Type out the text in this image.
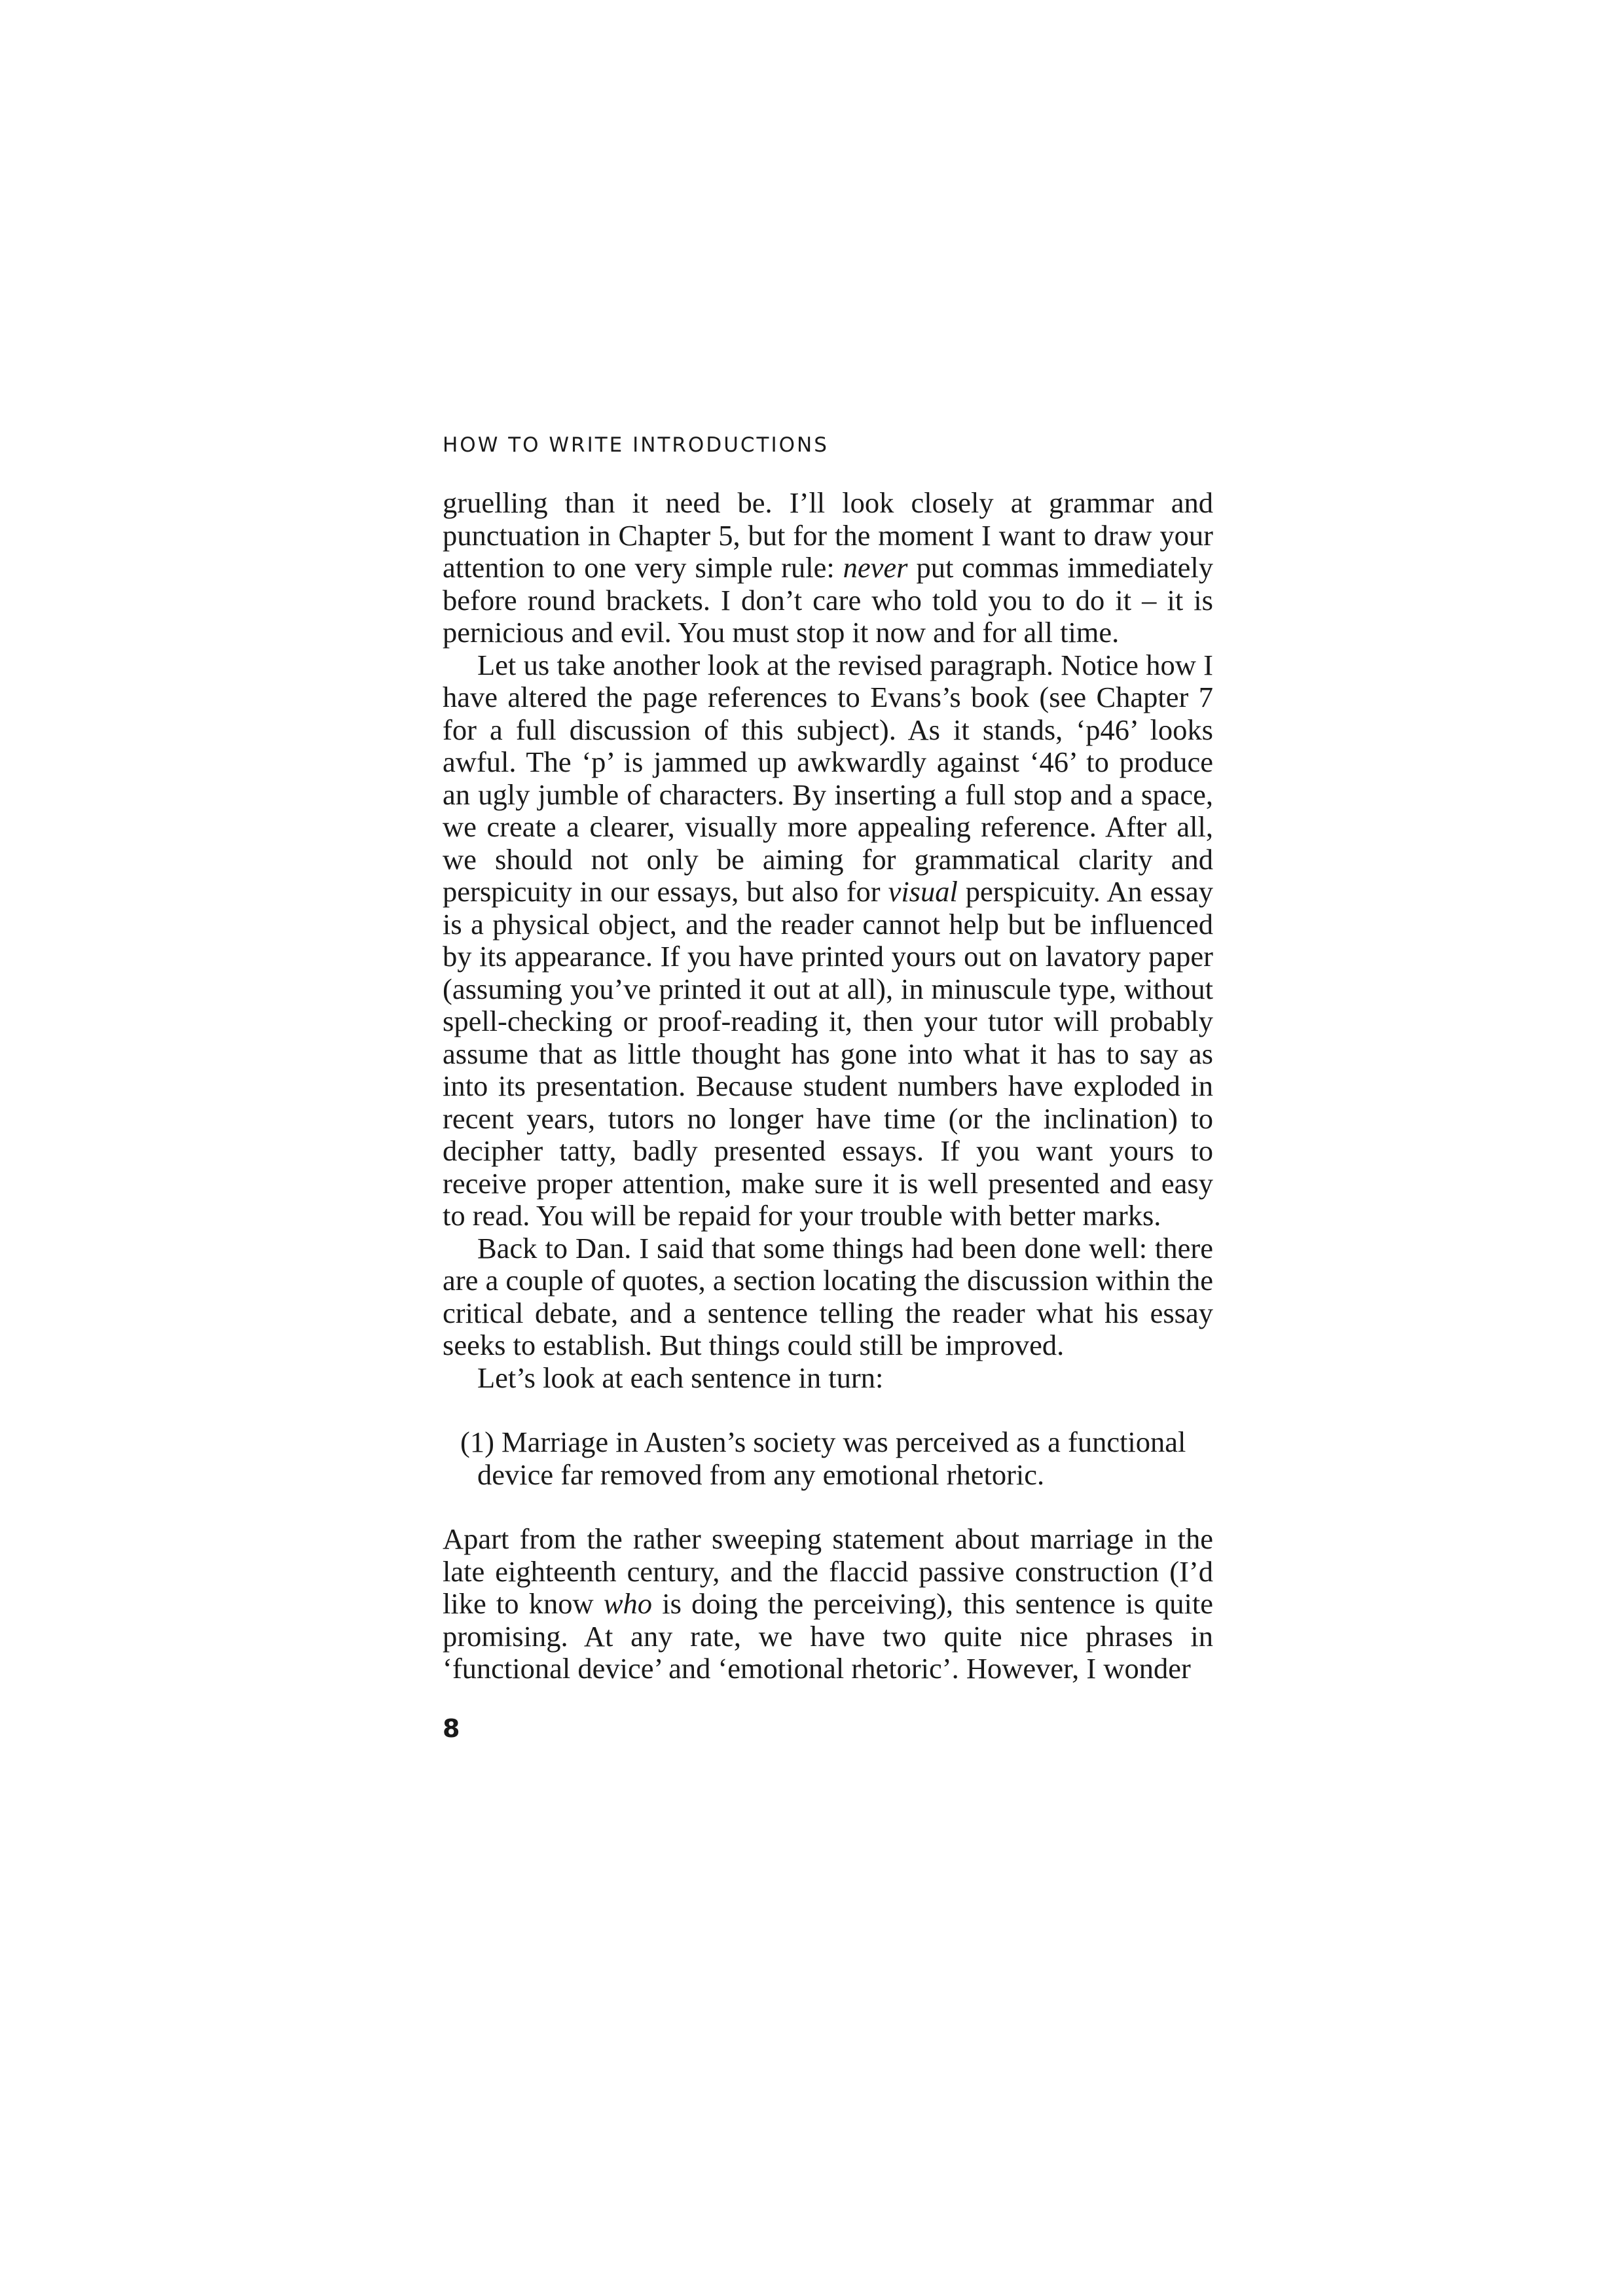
HOW TO WRITE INTRODUCTIONS

gruelling than it need be. I’ll look closely at grammar and punctuation in Chapter 5, but for the moment I want to draw your attention to one very simple rule: never put commas immediately before round brackets. I don’t care who told you to do it – it is pernicious and evil. You must stop it now and for all time.

Let us take another look at the revised paragraph. Notice how I have altered the page references to Evans’s book (see Chapter 7 for a full discussion of this subject). As it stands, ‘p46’ looks awful. The ‘p’ is jammed up awkwardly against ‘46’ to produce an ugly jumble of characters. By inserting a full stop and a space, we create a clearer, visually more appealing reference. After all, we should not only be aiming for grammatical clarity and perspicuity in our essays, but also for visual perspicuity. An essay is a physical object, and the reader cannot help but be influenced by its appearance. If you have printed yours out on lavatory paper (assuming you’ve printed it out at all), in minuscule type, without spell-checking or proof-reading it, then your tutor will probably assume that as little thought has gone into what it has to say as into its presentation. Because student numbers have exploded in recent years, tutors no longer have time (or the inclination) to decipher tatty, badly presented essays. If you want yours to receive proper attention, make sure it is well presented and easy to read. You will be repaid for your trouble with better marks.

Back to Dan. I said that some things had been done well: there are a couple of quotes, a section locating the discussion within the critical debate, and a sentence telling the reader what his essay seeks to establish. But things could still be improved.

Let’s look at each sentence in turn:

(1) Marriage in Austen’s society was perceived as a functional device far removed from any emotional rhetoric.

Apart from the rather sweeping statement about marriage in the late eighteenth century, and the flaccid passive construction (I’d like to know who is doing the perceiving), this sentence is quite promising. At any rate, we have two quite nice phrases in ‘functional device’ and ‘emotional rhetoric’. However, I wonder

8
